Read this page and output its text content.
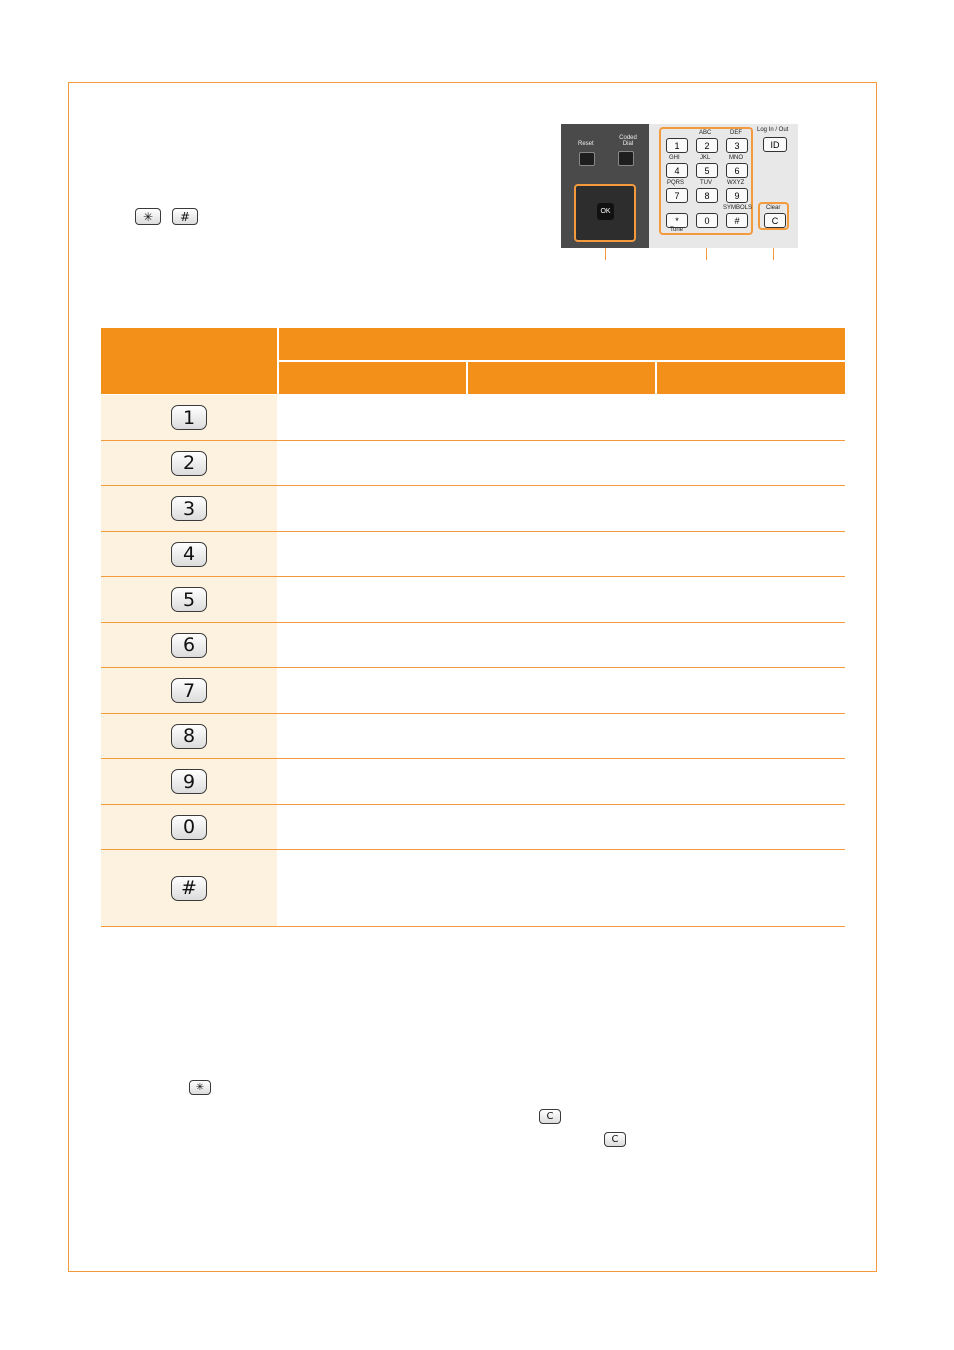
✳	#
Reset
Coded Dial
OK
ABC	DEF
1	2	3
GHI	JKL	MNO
4	5	6
PQRS	TUV	WXYZ
7	8	9
SYMBOLS
*	0	#
Tone
Log In / Out
ID
Clear
C
1
2
3
4
5
6
7
8
9
0
#
✳
C
C
